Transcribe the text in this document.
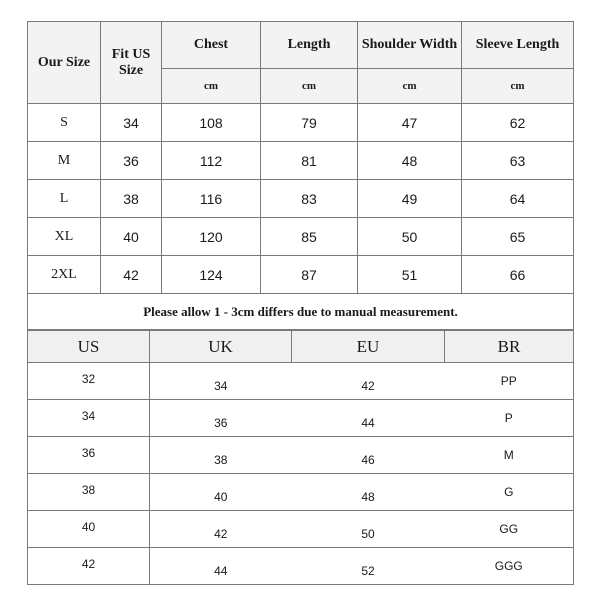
Our Size	Fit US Size	Chest	Length	Shoulder Width	Sleeve Length
		cm	cm	cm	cm
S	34	108	79	47	62
M	36	112	81	48	63
L	38	116	83	49	64
XL	40	120	85	50	65
2XL	42	124	87	51	66
Please allow 1 - 3cm differs due to manual measurement.					
US	UK	EU	BR
32	34	42	PP
34	36	44	P
36	38	46	M
38	40	48	G
40	42	50	GG
42	44	52	GGG
